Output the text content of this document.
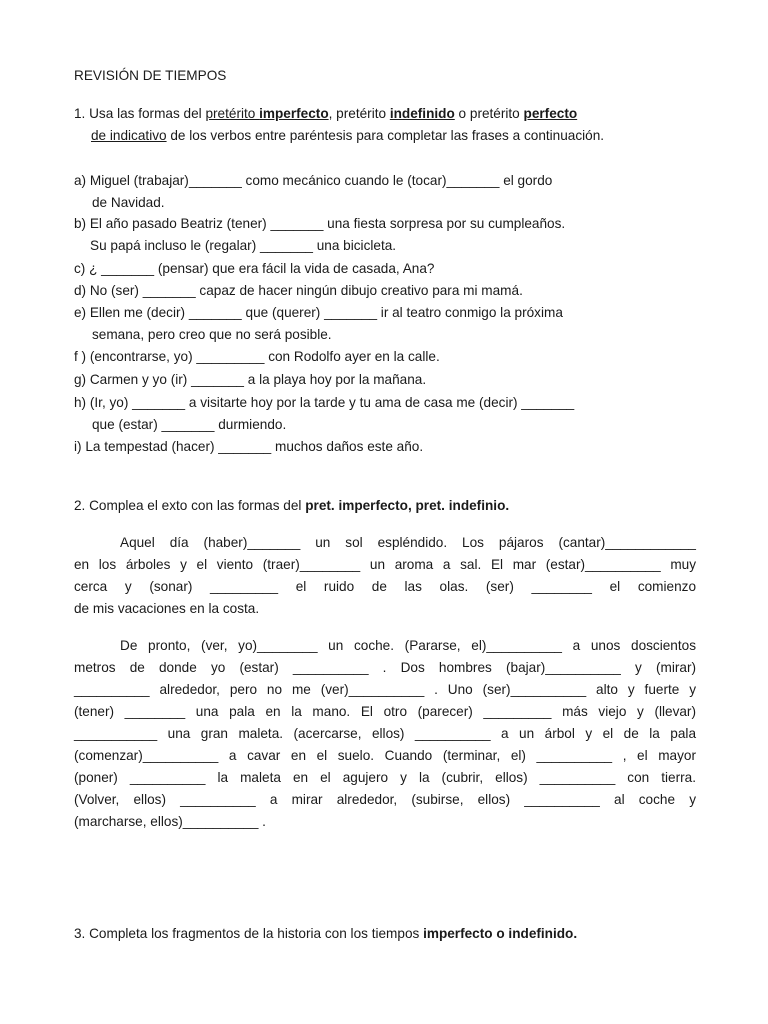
REVISIÓN DE TIEMPOS
1. Usa las formas del pretérito imperfecto, pretérito indefinido o pretérito perfecto
de indicativo de los verbos entre paréntesis para completar las frases a continuación.
a) Miguel (trabajar)_______ como mecánico cuando le (tocar)_______ el gordo
de Navidad.
b) El año pasado Beatriz (tener) _______ una fiesta sorpresa por su cumpleaños.
Su papá incluso le (regalar) _______ una bicicleta.
c) ¿ _______ (pensar) que era fácil la vida de casada, Ana?
d) No (ser) _______ capaz de hacer ningún dibujo creativo para mi mamá.
e) Ellen me (decir) _______ que (querer) _______ ir al teatro conmigo la próxima
semana, pero creo que no será posible.
f ) (encontrarse, yo) _________ con Rodolfo ayer en la calle.
g) Carmen y yo (ir) _______ a la playa hoy por la mañana.
h) (Ir, yo) _______ a visitarte hoy por la tarde y tu ama de casa me (decir) _______
que (estar) _______ durmiendo.
i) La tempestad (hacer) _______ muchos daños este año.
2. Complea el exto con las formas del pret. imperfecto, pret. indefinio.
Aquel día (haber)_______ un sol espléndido. Los pájaros (cantar)____________
en los árboles y el viento (traer)________ un aroma a sal. El mar (estar)__________ muy
cerca y (sonar) _________ el ruido de las olas. (ser) ________ el comienzo
de mis vacaciones en la costa.
De pronto, (ver, yo)________ un coche. (Pararse, el)__________ a unos doscientos
metros de donde yo (estar) __________ . Dos hombres (bajar)__________ y (mirar)
__________ alrededor, pero no me (ver)__________ . Uno (ser)__________ alto y fuerte y
(tener) ________ una pala en la mano. El otro (parecer) _________ más viejo y (llevar)
___________ una gran maleta. (acercarse, ellos) __________ a un árbol y el de la pala
(comenzar)__________ a cavar en el suelo. Cuando (terminar, el) __________ , el mayor
(poner) __________ la maleta en el agujero y la (cubrir, ellos) __________ con tierra.
(Volver, ellos) __________ a mirar alrededor, (subirse, ellos) __________ al coche y
(marcharse, ellos)__________ .
3. Completa los fragmentos de la historia con los tiempos imperfecto o indefinido.
